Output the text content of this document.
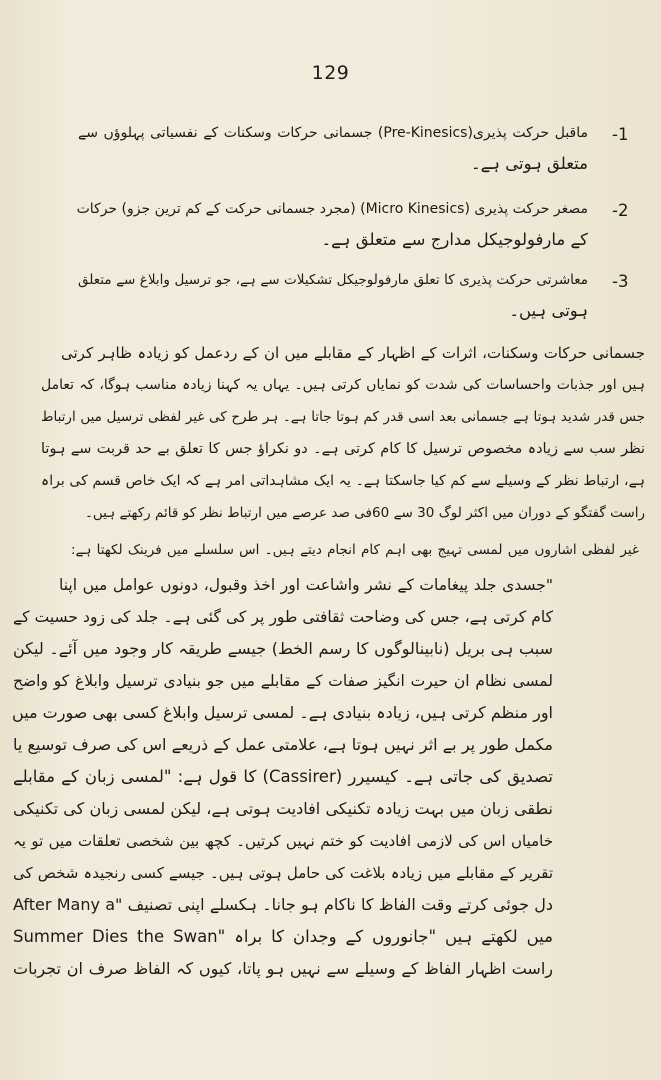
129
-1
ماقبل حرکت پذیری(Pre-Kinesics) جسمانی حرکات وسکنات کے نفسیاتی پہلوؤں سے
متعلق ہوتی ہے۔
-2
مصغر حرکت پذیری (Micro Kinesics) (مجرد جسمانی حرکت کے کم ترین جزو) حرکات
کے مارفولوجیکل مدارج سے متعلق ہے۔
-3
معاشرتی حرکت پذیری کا تعلق مارفولوجیکل تشکیلات سے ہے، جو ترسیل وابلاغ سے متعلق
ہوتی ہیں۔
جسمانی حرکات وسکنات، اثرات کے اظہار کے مقابلے میں ان کے ردعمل کو زیادہ ظاہر کرتی
ہیں اور جذبات واحساسات کی شدت کو نمایاں کرتی ہیں۔ یہاں یہ کہنا زیادہ مناسب ہوگا، کہ تعامل
جس قدر شدید ہوتا ہے جسمانی بعد اسی قدر کم ہوتا جاتا ہے۔ ہر طرح کی غیر لفظی ترسیل میں ارتباط
نظر سب سے زیادہ مخصوص ترسیل کا کام کرتی ہے۔ دو نکراؤ جس کا تعلق بے حد قربت سے ہوتا
ہے، ارتباط نظر کے وسیلے سے کم کیا جاسکتا ہے۔ یہ ایک مشاہداتی امر ہے کہ ایک خاص قسم کی براہ
راست گفتگو کے دوران میں اکثر لوگ 30 سے 60فی صد عرصے میں ارتباط نظر کو قائم رکھتے ہیں۔
غیر لفظی اشاروں میں لمسی تہیج بھی اہم کام انجام دیتے ہیں۔ اس سلسلے میں فرینک لکھتا ہے:
"جسدی جلد پیغامات کے نشر واشاعت اور اخذ وقبول، دونوں عوامل میں اپنا
کام کرتی ہے، جس کی وضاحت ثقافتی طور پر کی گئی ہے۔ جلد کی زود حسیت کے
سبب ہی بریل (نابینالوگوں کا رسم الخط) جیسے طریقہ کار وجود میں آئے۔ لیکن
لمسی نظام ان حیرت انگیز صفات کے مقابلے میں جو بنیادی ترسیل وابلاغ کو واضح
اور منظم کرتی ہیں، زیادہ بنیادی ہے۔ لمسی ترسیل وابلاغ کسی بھی صورت میں
مکمل طور پر بے اثر نہیں ہوتا ہے، علامتی عمل کے ذریعے اس کی صرف توسیع یا
تصدیق کی جاتی ہے۔ کیسیرر (Cassirer) کا قول ہے: "لمسی زبان کے مقابلے
نطقی زبان میں بہت زیادہ تکنیکی افادیت ہوتی ہے، لیکن لمسی زبان کی تکنیکی
خامیاں اس کی لازمی افادیت کو ختم نہیں کرتیں۔ کچھ بین شخصی تعلقات میں تو یہ
تقریر کے مقابلے میں زیادہ بلاغت کی حامل ہوتی ہیں۔ جیسے کسی رنجیدہ شخص کی
دل جوئی کرتے وقت الفاظ کا ناکام ہو جانا۔ ہکسلے اپنی تصنیف "After Many a
Summer Dies the Swan" میں لکھتے ہیں "جانوروں کے وجدان کا براہ
راست اظہار الفاظ کے وسیلے سے نہیں ہو پاتا، کیوں کہ الفاظ صرف ان تجربات
